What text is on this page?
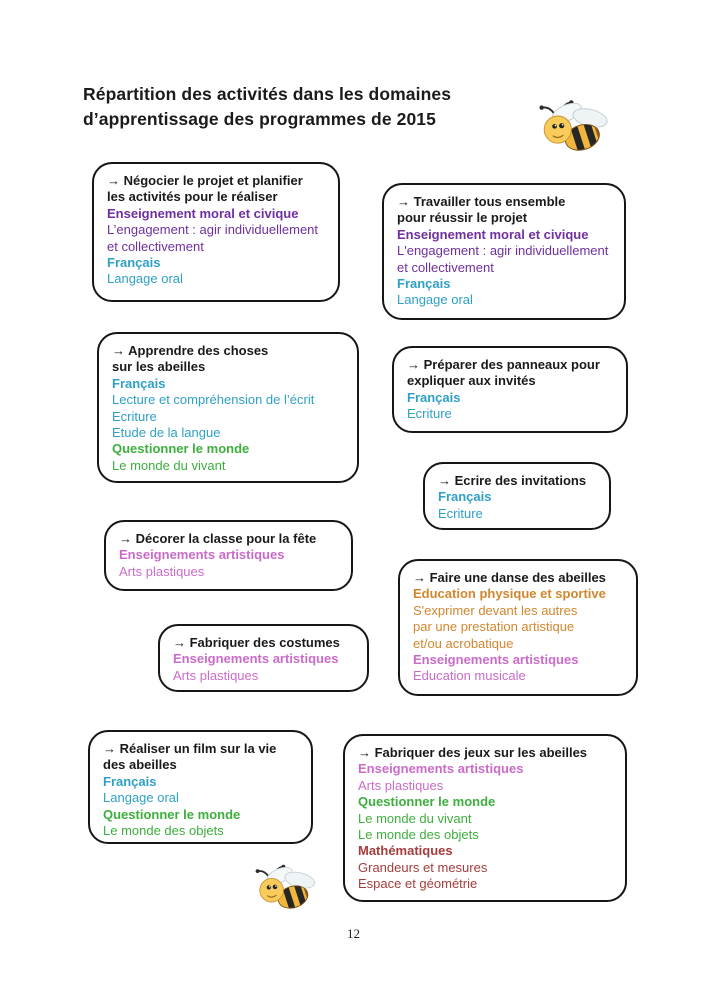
Répartition des activités dans les domaines
d’apprentissage des programmes de 2015
→ Négocier le projet et planifier
les activités pour le réaliser
Enseignement moral et civique
L’engagement : agir individuellement
et collectivement
Français
Langage oral
→ Travailler tous ensemble
pour réussir le projet
Enseignement moral et civique
L'engagement : agir individuellement
et collectivement
Français
Langage oral
→ Apprendre des choses
sur les abeilles
Français
Lecture et compréhension de l’écrit
Ecriture
Etude de la langue
Questionner le monde
Le monde du vivant
→ Préparer des panneaux pour
expliquer aux invités
Français
Ecriture
→ Ecrire des invitations
Français
Ecriture
→ Décorer la classe pour la fête
Enseignements artistiques
Arts plastiques	→ Faire une danse des abeilles
Education physique et sportive
S'exprimer devant les autres
par une prestation artistique
et/ou acrobatique
Enseignements artistiques
Education musicale
→ Fabriquer des costumes
Enseignements artistiques
Arts plastiques
→ Réaliser un film sur la vie
des abeilles
Français
Langage oral
Questionner le monde
Le monde des objets
→ Fabriquer des jeux sur les abeilles
Enseignements artistiques
Arts plastiques
Questionner le monde
Le monde du vivant
Le monde des objets
Mathématiques
Grandeurs et mesures
Espace et géométrie
12
